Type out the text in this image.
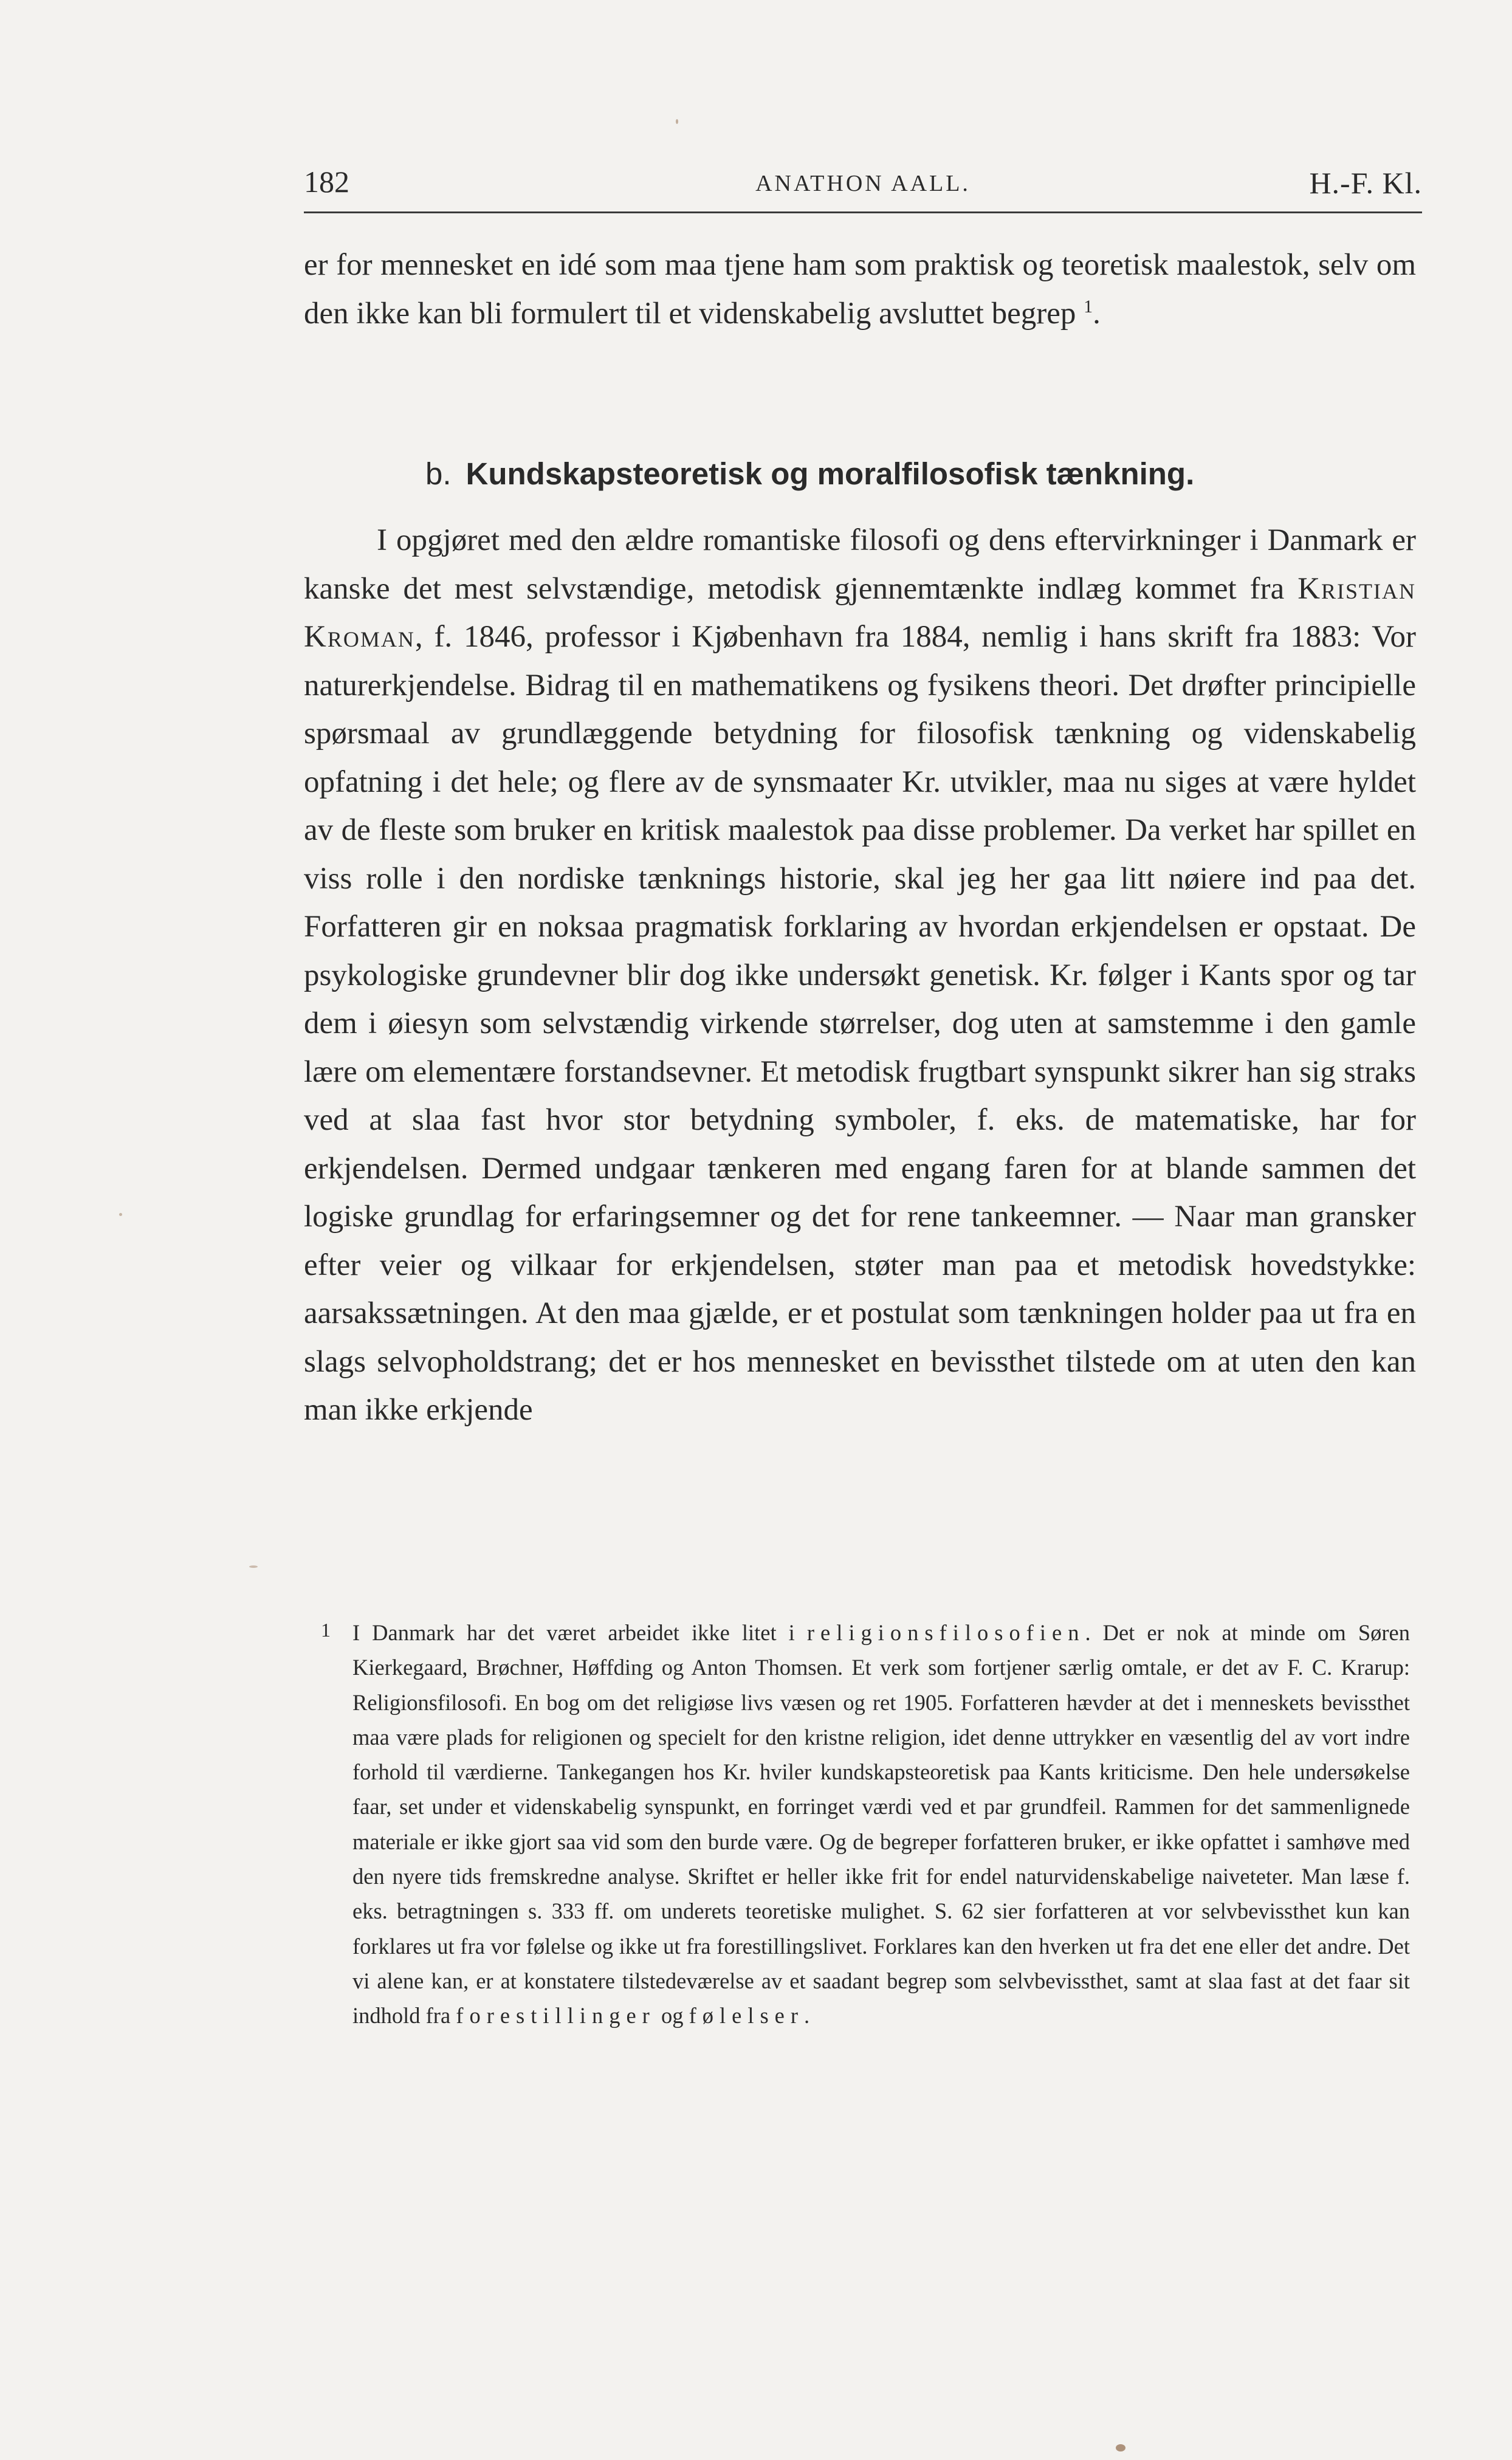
182	ANATHON AALL.	H.-F. Kl.

er for mennesket en idé som maa tjene ham som praktisk og teoretisk maalestok, selv om den ikke kan bli formulert til et videnskabelig avsluttet begrep $^1$.

b. Kundskapsteoretisk og moralfilosofisk tænkning.

I opgjøret med den ældre romantiske filosofi og dens eftervirkninger i Danmark er kanske det mest selvstændige, metodisk gjennemtænkte indlæg kommet fra Kristian Kroman, f. 1846, professor i Kjøbenhavn fra 1884, nemlig i hans skrift fra 1883: Vor naturerkjendelse. Bidrag til en mathematikens og fysikens theori. Det drøfter principielle spørsmaal av grundlæggende betydning for filosofisk tænkning og videnskabelig opfatning i det hele; og flere av de synsmaater Kr. utvikler, maa nu siges at være hyldet av de fleste som bruker en kritisk maalestok paa disse problemer. Da verket har spillet en viss rolle i den nordiske tænknings historie, skal jeg her gaa litt nøiere ind paa det. Forfatteren gir en noksaa pragmatisk forklaring av hvordan erkjendelsen er opstaat. De psykologiske grundevner blir dog ikke undersøkt genetisk. Kr. følger i Kants spor og tar dem i øiesyn som selvstændig virkende størrelser, dog uten at samstemme i den gamle lære om elementære forstandsevner. Et metodisk frugtbart synspunkt sikrer han sig straks ved at slaa fast hvor stor betydning symboler, f. eks. de matematiske, har for erkjendelsen. Dermed undgaar tænkeren med engang faren for at blande sammen det logiske grundlag for erfaringsemner og det for rene tankeemner. — Naar man gransker efter veier og vilkaar for erkjendelsen, støter man paa et metodisk hovedstykke: aarsakssætningen. At den maa gjælde, er et postulat som tænkningen holder paa ut fra en slags selvopholdstrang; det er hos mennesket en bevissthet tilstede om at uten den kan man ikke erkjende

1 I Danmark har det været arbeidet ikke litet i religionsfilosofien. Det er nok at minde om Søren Kierkegaard, Brøchner, Høffding og Anton Thomsen. Et verk som fortjener særlig omtale, er det av F. C. Krarup: Religionsfilosofi. En bog om det religiøse livs væsen og ret 1905. Forfatteren hævder at det i menneskets bevissthet maa være plads for religionen og specielt for den kristne religion, idet denne uttrykker en væsentlig del av vort indre forhold til værdierne. Tankegangen hos Kr. hviler kundskapsteoretisk paa Kants kriticisme. Den hele undersøkelse faar, set under et videnskabelig synspunkt, en forringet værdi ved et par grundfeil. Rammen for det sammenlignede materiale er ikke gjort saa vid som den burde være. Og de begreper forfatteren bruker, er ikke opfattet i samhøve med den nyere tids fremskredne analyse. Skriftet er heller ikke frit for endel naturvidenskabelige naiveteter. Man læse f. eks. betragtningen s. 333 ff. om underets teoretiske mulighet. S. 62 sier forfatteren at vor selvbevissthet kun kan forklares ut fra vor følelse og ikke ut fra forestillingslivet. Forklares kan den hverken ut fra det ene eller det andre. Det vi alene kan, er at konstatere tilstedeværelse av et saadant begrep som selvbevissthet, samt at slaa fast at det faar sit indhold fra forestillinger og følelser.
